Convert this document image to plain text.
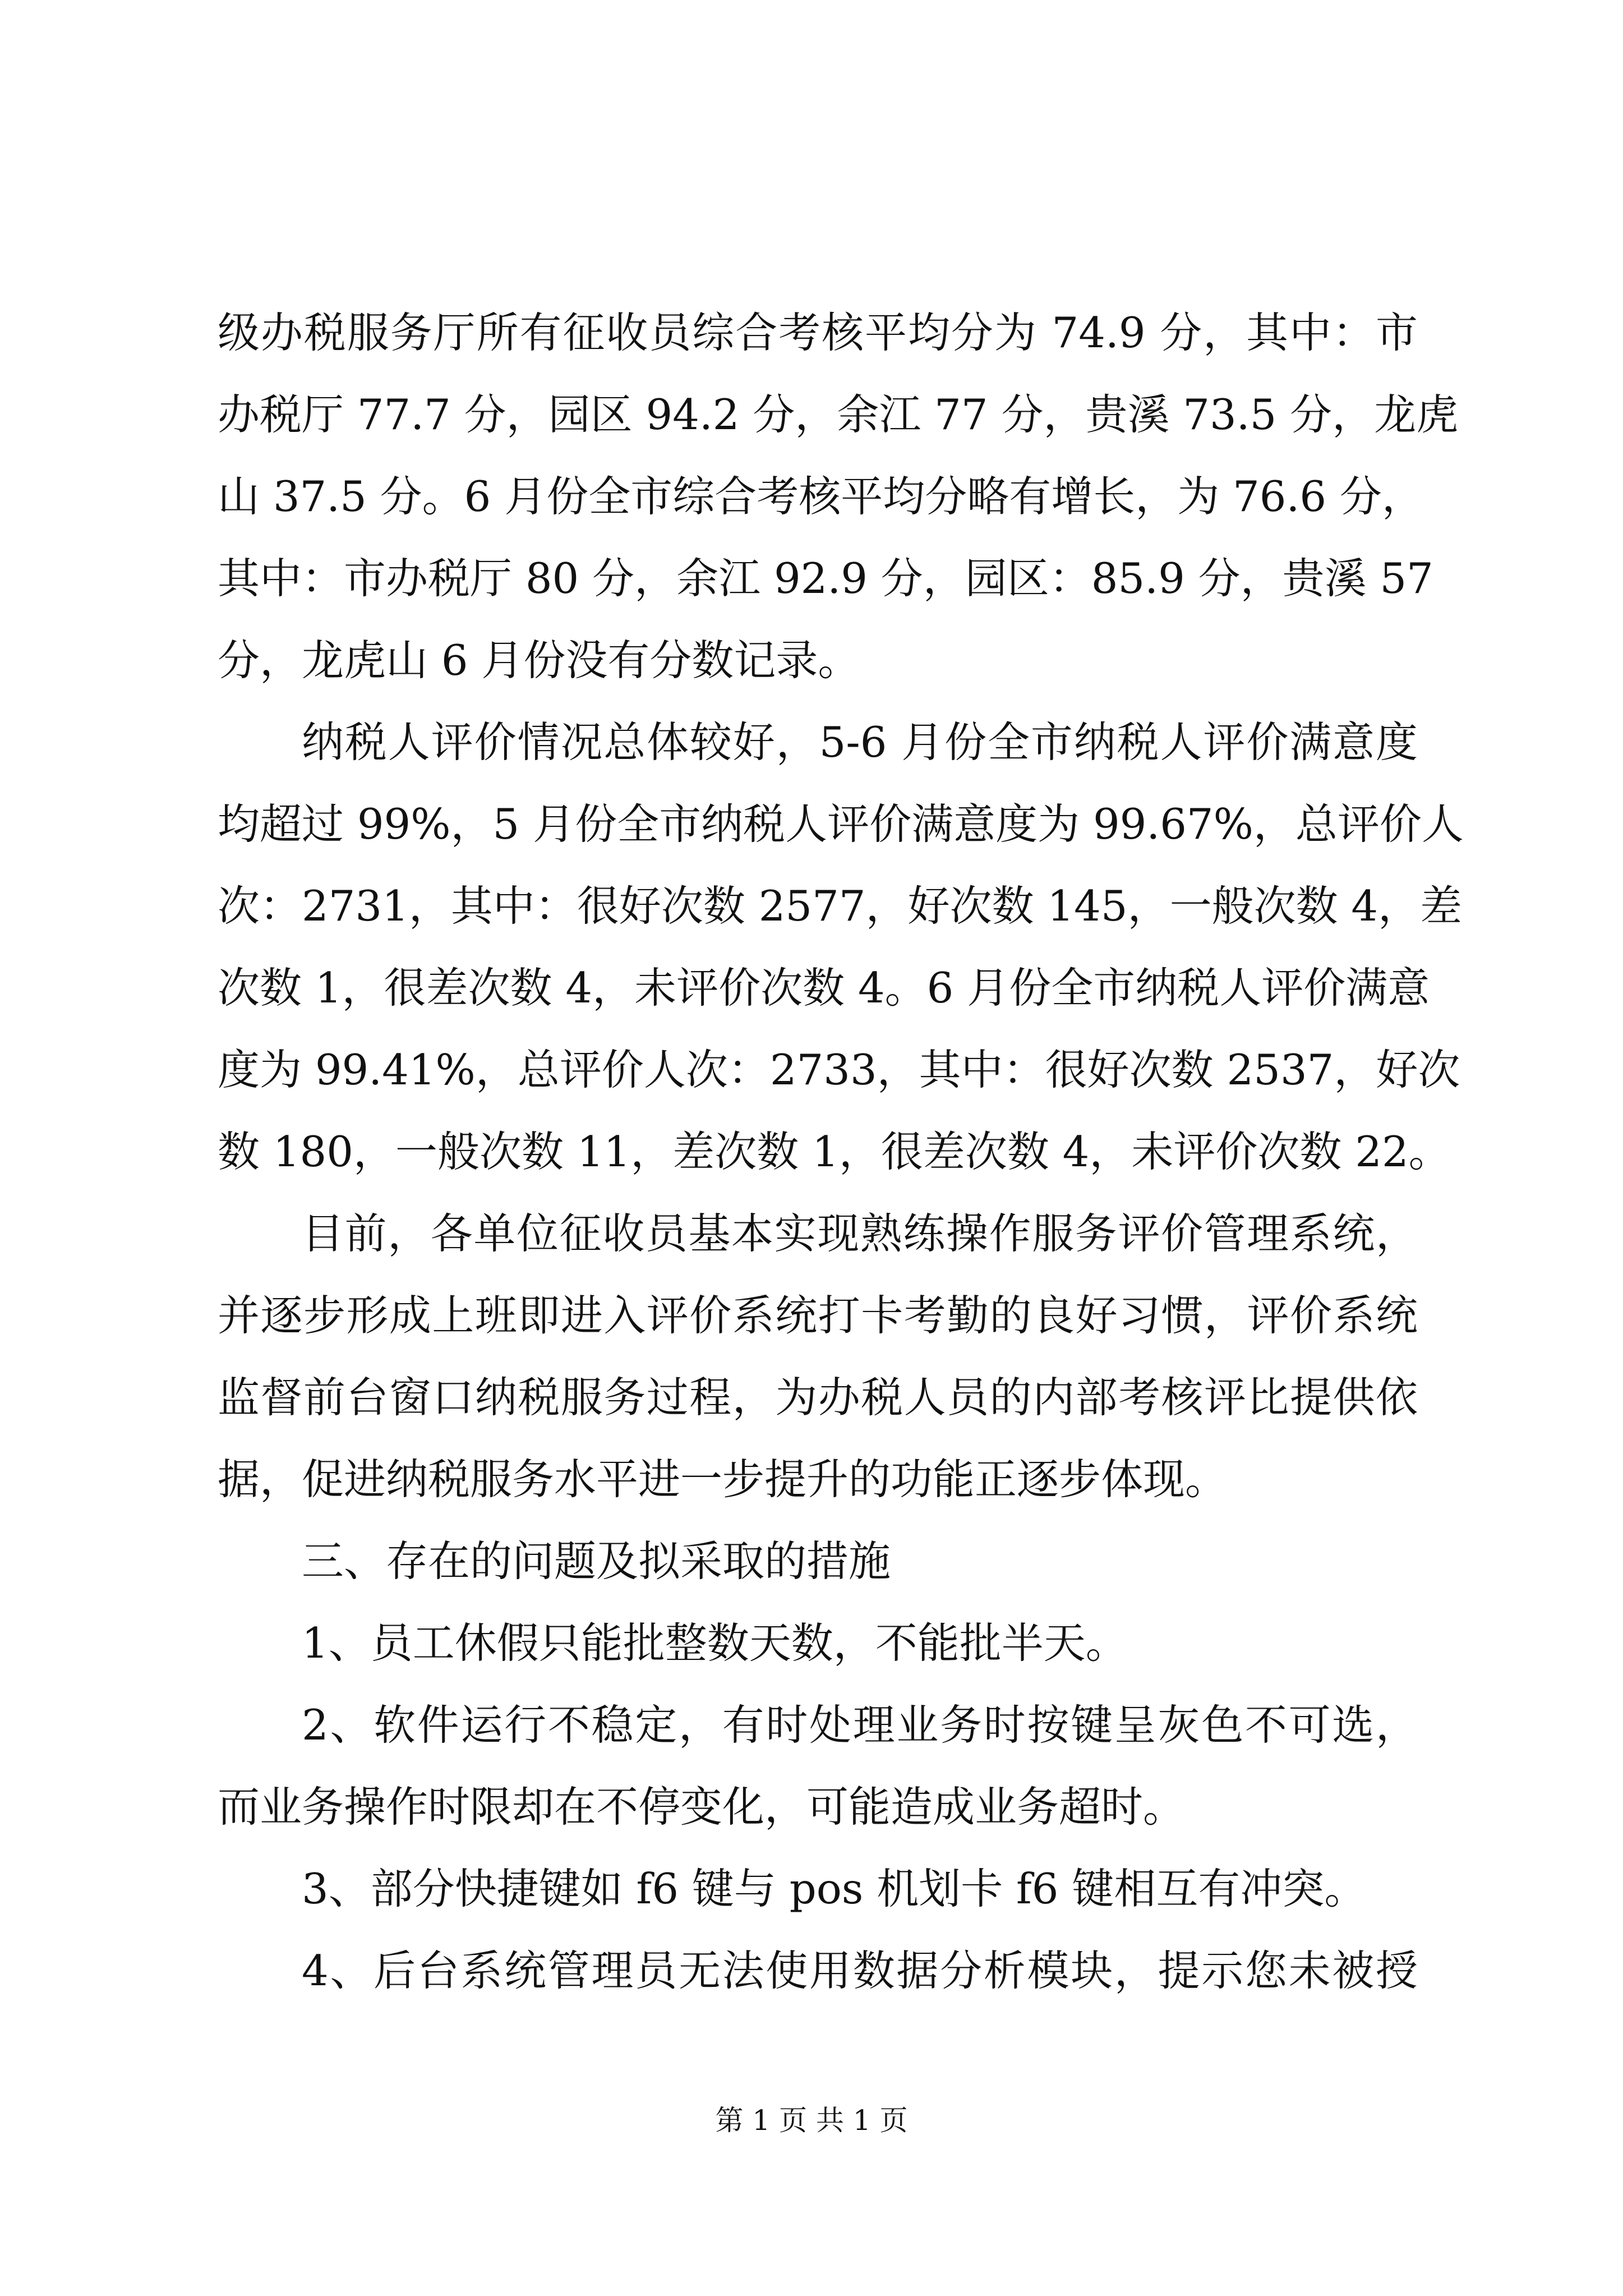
级办税服务厅所有征收员综合考核平均分为 74.9 分，其中：市
办税厅 77.7 分，园区 94.2 分，余江 77 分，贵溪 73.5 分，龙虎
山 37.5 分。6 月份全市综合考核平均分略有增长，为 76.6 分，
其中：市办税厅 80 分，余江 92.9 分，园区：85.9 分，贵溪 57
分，龙虎山 6 月份没有分数记录。
纳税人评价情况总体较好，5-6 月份全市纳税人评价满意度
均超过 99%，5 月份全市纳税人评价满意度为 99.67%，总评价人
次：2731，其中：很好次数 2577，好次数 145，一般次数 4，差
次数 1，很差次数 4，未评价次数 4。6 月份全市纳税人评价满意
度为 99.41%，总评价人次：2733，其中：很好次数 2537，好次
数 180，一般次数 11，差次数 1，很差次数 4，未评价次数 22。
目前，各单位征收员基本实现熟练操作服务评价管理系统，
并逐步形成上班即进入评价系统打卡考勤的良好习惯，评价系统
监督前台窗口纳税服务过程，为办税人员的内部考核评比提供依
据，促进纳税服务水平进一步提升的功能正逐步体现。
三、存在的问题及拟采取的措施
1、员工休假只能批整数天数，不能批半天。
2、软件运行不稳定，有时处理业务时按键呈灰色不可选，
而业务操作时限却在不停变化，可能造成业务超时。
3、部分快捷键如 f6 键与 pos 机划卡 f6 键相互有冲突。
4、后台系统管理员无法使用数据分析模块，提示您未被授
第 1 页 共 1 页
